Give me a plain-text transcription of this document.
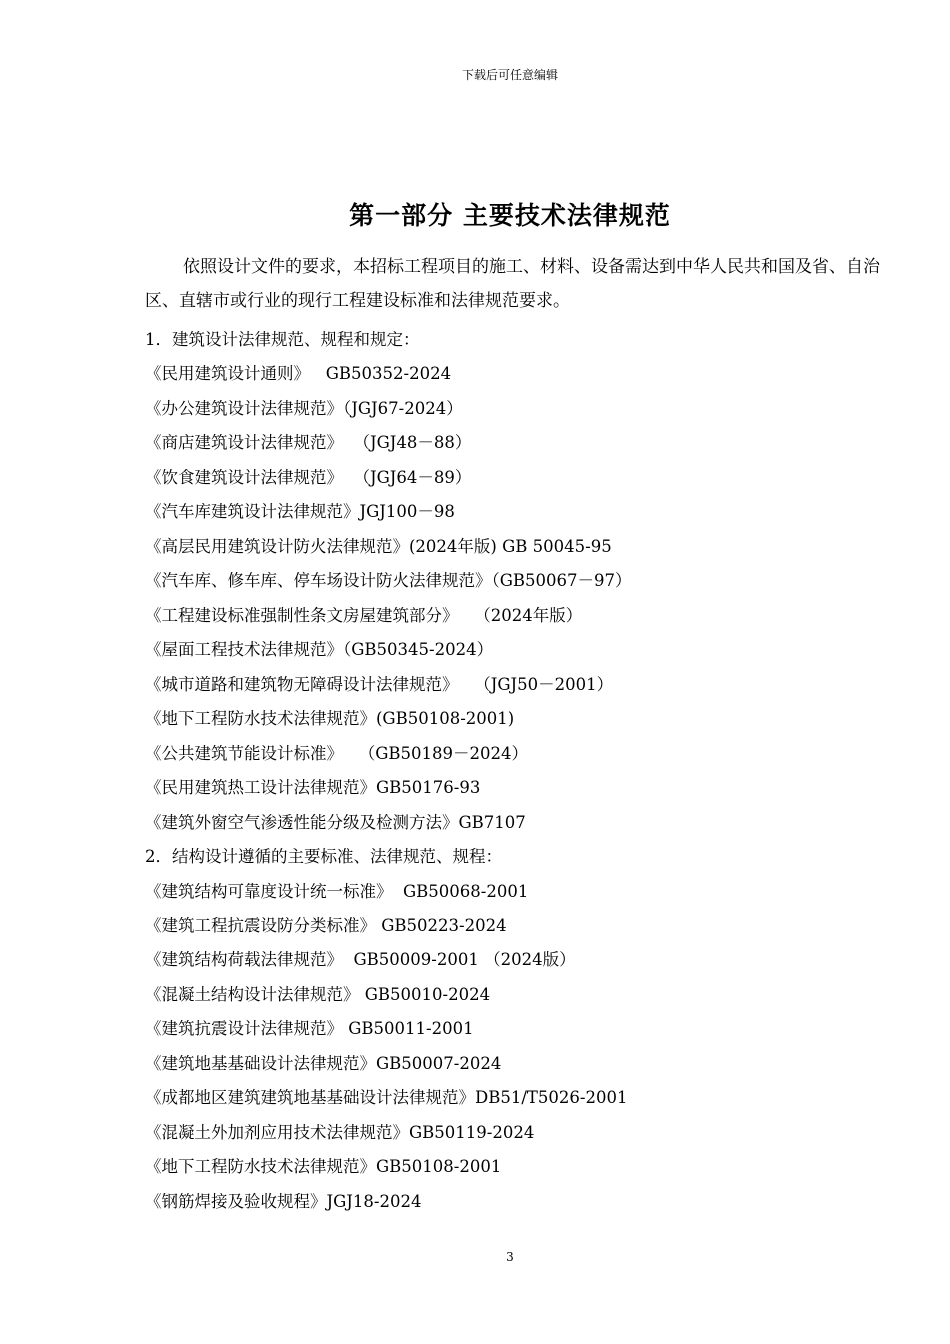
下载后可任意编辑
第一部分 主要技术法律规范
依照设计文件的要求，本招标工程项目的施工、材料、设备需达到中华人民共和国及省、自治区、直辖市或行业的现行工程建设标准和法律规范要求。
1．建筑设计法律规范、规程和规定：
《民用建筑设计通则》   GB50352-2024
《办公建筑设计法律规范》（JGJ67-2024）
《商店建筑设计法律规范》  （JGJ48－88）
《饮食建筑设计法律规范》  （JGJ64－89）
《汽车库建筑设计法律规范》JGJ100－98
《高层民用建筑设计防火法律规范》(2024年版) GB 50045-95
《汽车库、修车库、停车场设计防火法律规范》（GB50067－97）
《工程建设标准强制性条文房屋建筑部分》   （2024年版）
《屋面工程技术法律规范》（GB50345-2024）
《城市道路和建筑物无障碍设计法律规范》   （JGJ50－2001）
《地下工程防水技术法律规范》(GB50108-2001)
《公共建筑节能设计标准》   （GB50189－2024）
《民用建筑热工设计法律规范》GB50176-93
《建筑外窗空气渗透性能分级及检测方法》GB7107
2．结构设计遵循的主要标准、法律规范、规程：
《建筑结构可靠度设计统一标准》  GB50068-2001
《建筑工程抗震设防分类标准》 GB50223-2024
《建筑结构荷载法律规范》  GB50009-2001 （2024版）
《混凝土结构设计法律规范》 GB50010-2024
《建筑抗震设计法律规范》 GB50011-2001
《建筑地基基础设计法律规范》GB50007-2024
《成都地区建筑建筑地基基础设计法律规范》DB51/T5026-2001
《混凝土外加剂应用技术法律规范》GB50119-2024
《地下工程防水技术法律规范》GB50108-2001
《钢筋焊接及验收规程》JGJ18-2024
3
